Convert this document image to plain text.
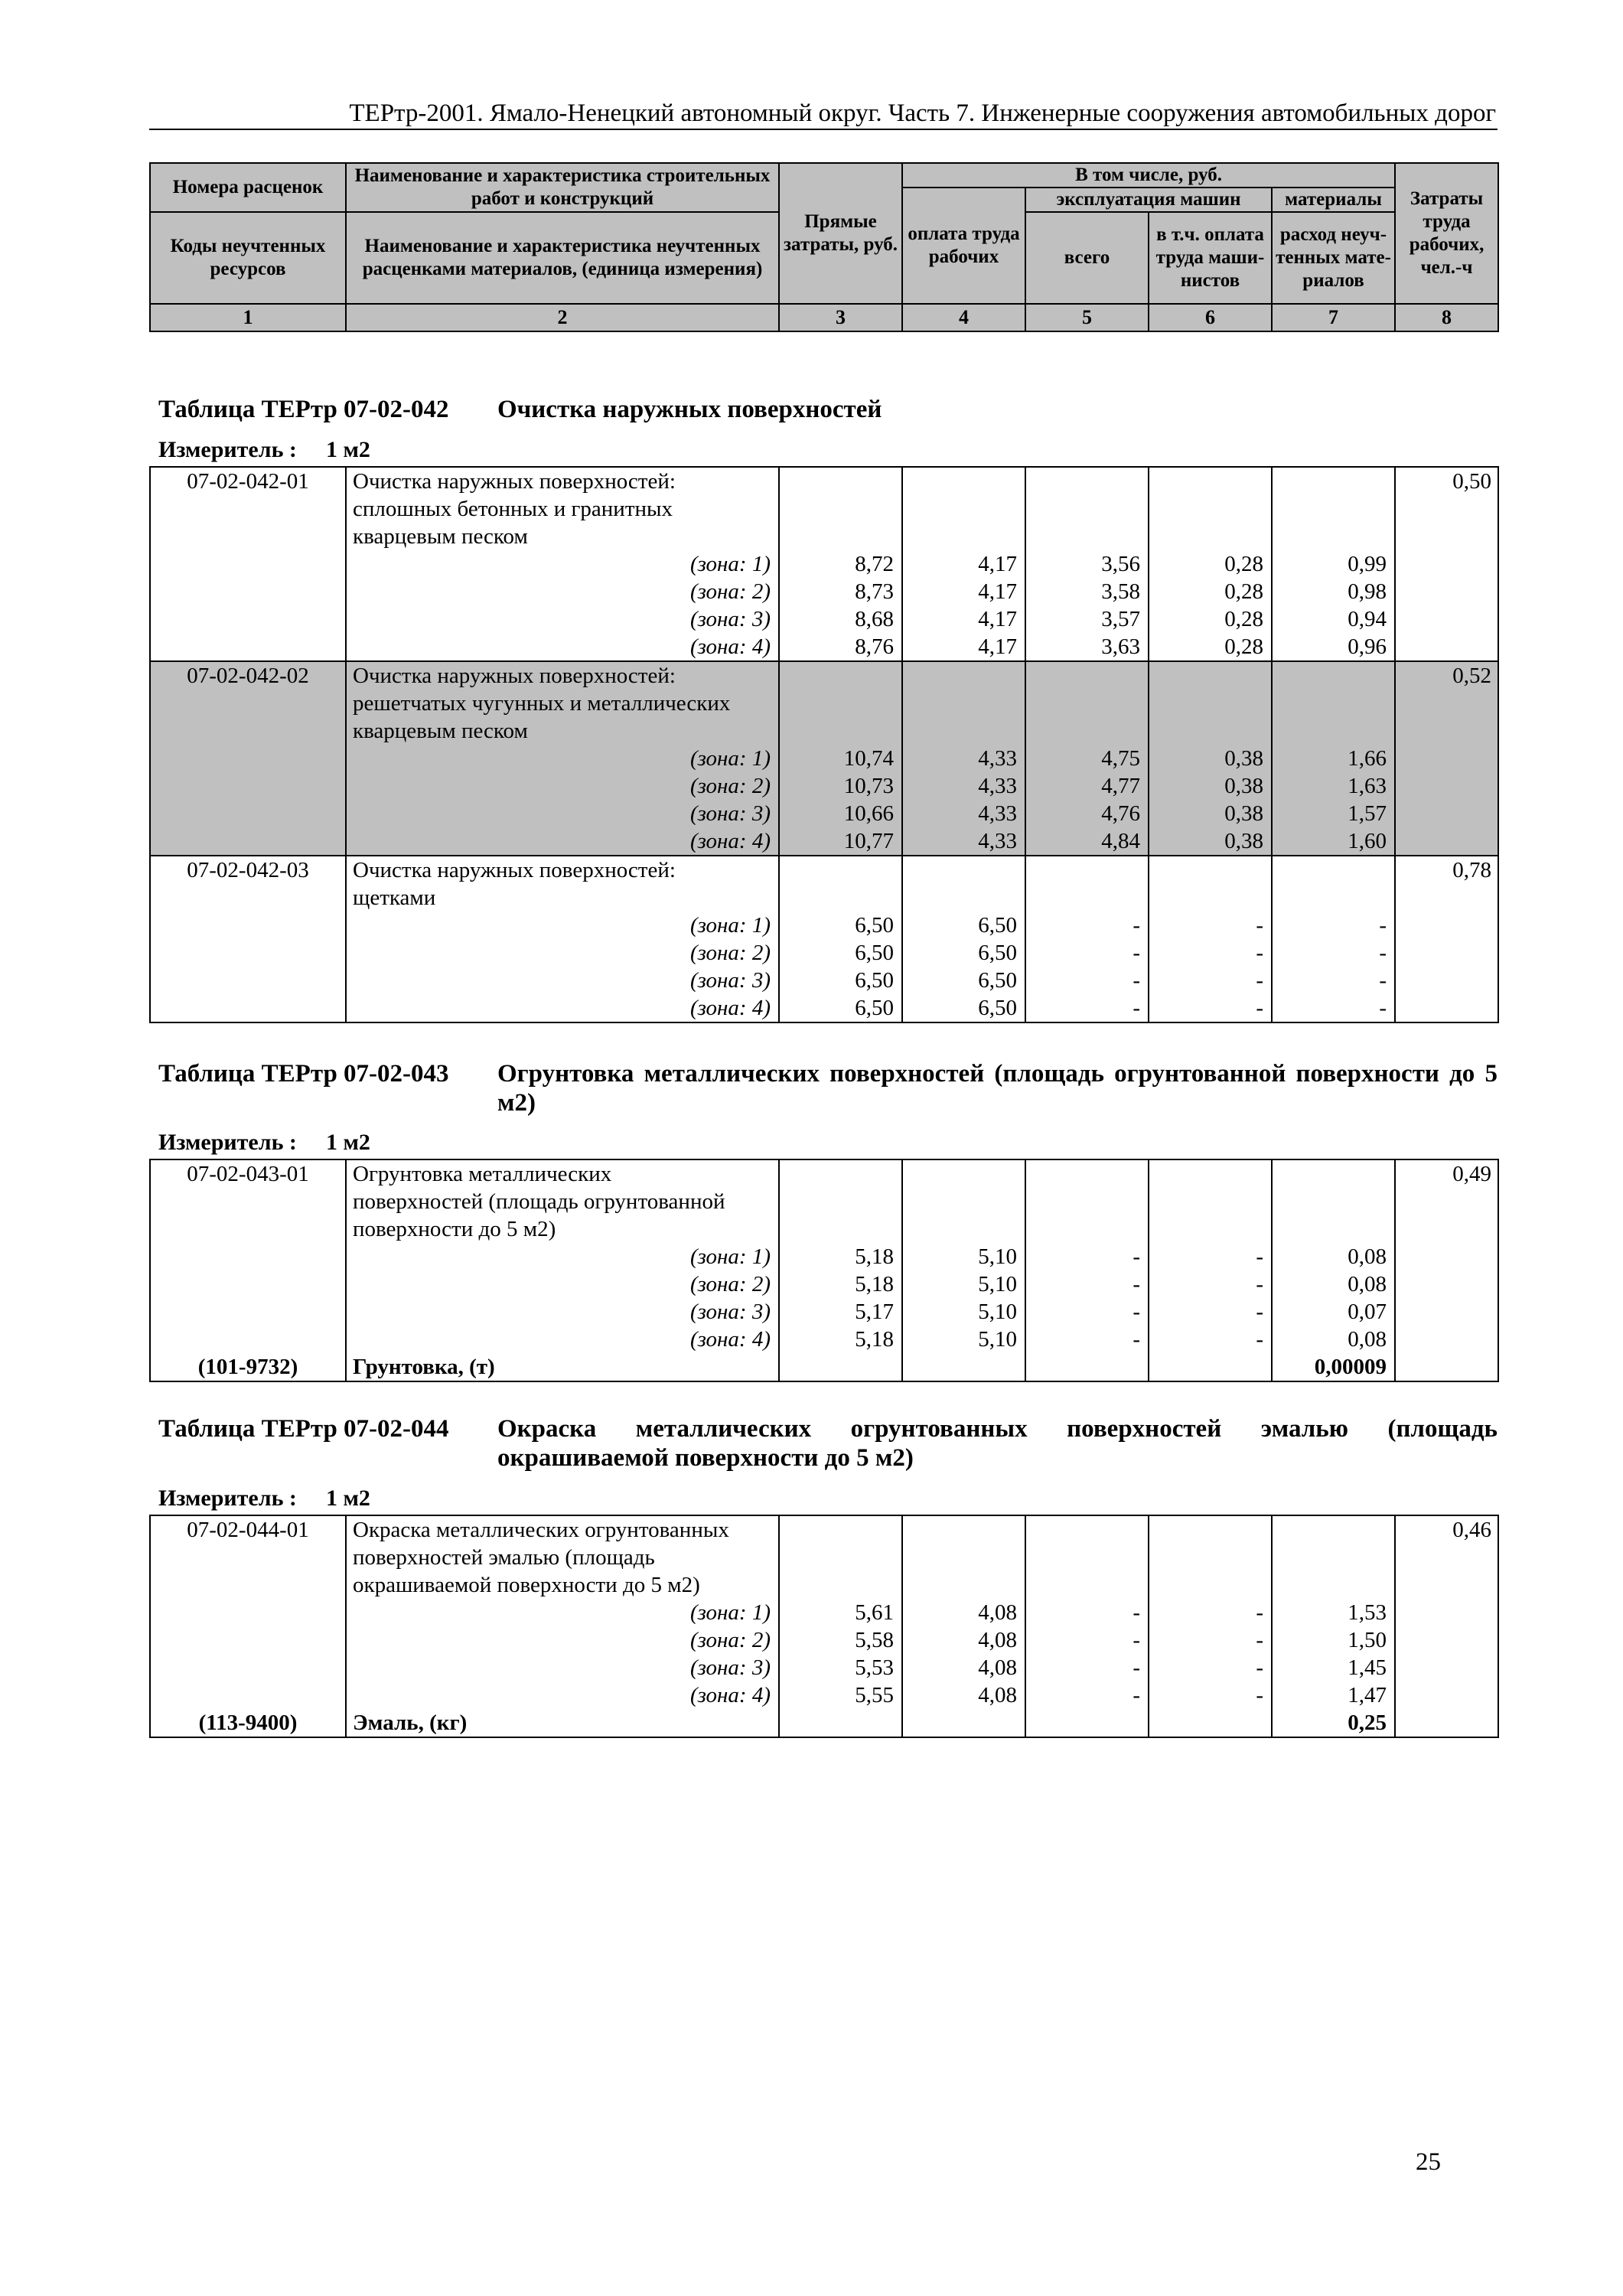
ТЕРтр-2001. Ямало-Ненецкий автономный округ. Часть 7. Инженерные сооружения автомобильных дорог
Номера расценок	Наименование и характеристика строительных работ и конструкций	Прямые затраты, руб.	В том числе, руб.				Затраты труда рабочих, чел.-ч
			оплата труда рабочих	эксплуатация машин		материалы	
Коды неучтенных ресурсов	Наименование и характеристика неучтенных расценками материалов, (единица измерения)			всего	в т.ч. оплата труда маши-нистов	расход неуч-тенных мате-риалов	

1	2	3	4	5	6	7	8
Таблица ТЕРтр 07-02-042 Очистка наружных поверхностей
Измеритель : 1 м2
07-02-042-01	Очистка наружных поверхностей:						0,50
	сплошных бетонных и гранитных						
	кварцевым песком						
	(зона: 1)	8,72	4,17	3,56	0,28	0,99	
	(зона: 2)	8,73	4,17	3,58	0,28	0,98	
	(зона: 3)	8,68	4,17	3,57	0,28	0,94	
	(зона: 4)	8,76	4,17	3,63	0,28	0,96	
07-02-042-02	Очистка наружных поверхностей:						0,52
	решетчатых чугунных и металлических						
	кварцевым песком						
	(зона: 1)	10,74	4,33	4,75	0,38	1,66	
	(зона: 2)	10,73	4,33	4,77	0,38	1,63	
	(зона: 3)	10,66	4,33	4,76	0,38	1,57	
	(зона: 4)	10,77	4,33	4,84	0,38	1,60	
07-02-042-03	Очистка наружных поверхностей:						0,78
	щетками						
	(зона: 1)	6,50	6,50	-	-	-	
	(зона: 2)	6,50	6,50	-	-	-	
	(зона: 3)	6,50	6,50	-	-	-	
	(зона: 4)	6,50	6,50	-	-	-	
Таблица ТЕРтр 07-02-043 Огрунтовка металлических поверхностей (площадь огрунтованной поверхности до 5 м2)
Измеритель : 1 м2
07-02-043-01	Огрунтовка металлических						0,49
	поверхностей (площадь огрунтованной						
	поверхности до 5 м2)						
	(зона: 1)	5,18	5,10	-	-	0,08	
	(зона: 2)	5,18	5,10	-	-	0,08	
	(зона: 3)	5,17	5,10	-	-	0,07	
	(зона: 4)	5,18	5,10	-	-	0,08	
(101-9732)	Грунтовка, (т)					0,00009	
Таблица ТЕРтр 07-02-044 Окраска металлических огрунтованных поверхностей эмалью (площадь окрашиваемой поверхности до 5 м2)
Измеритель : 1 м2
07-02-044-01	Окраска металлических огрунтованных						0,46
	поверхностей эмалью (площадь						
	окрашиваемой поверхности до 5 м2)						
	(зона: 1)	5,61	4,08	-	-	1,53	
	(зона: 2)	5,58	4,08	-	-	1,50	
	(зона: 3)	5,53	4,08	-	-	1,45	
	(зона: 4)	5,55	4,08	-	-	1,47	
(113-9400)	Эмаль, (кг)					0,25	
25
